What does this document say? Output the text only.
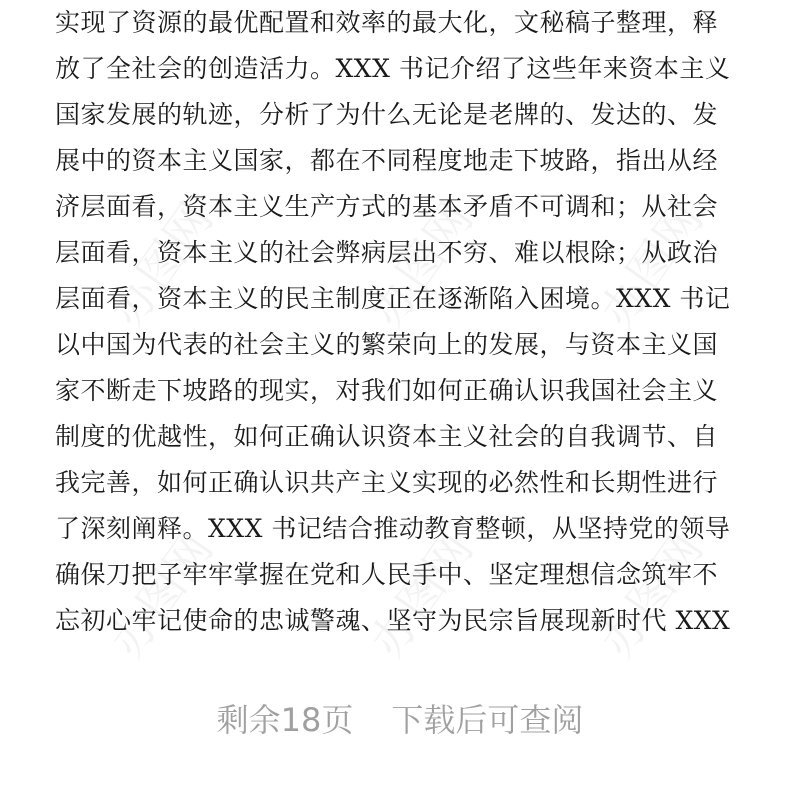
办图网	办图网 办图网
办图网	办图网 办图网
实现了资源的最优配置和效率的最大化，文秘稿子整理，释
放了全社会的创造活力。XXX 书记介绍了这些年来资本主义
国家发展的轨迹，分析了为什么无论是老牌的、发达的、发
展中的资本主义国家，都在不同程度地走下坡路，指出从经
济层面看，资本主义生产方式的基本矛盾不可调和；从社会
层面看，资本主义的社会弊病层出不穷、难以根除；从政治
层面看，资本主义的民主制度正在逐渐陷入困境。XXX 书记
以中国为代表的社会主义的繁荣向上的发展，与资本主义国
家不断走下坡路的现实，对我们如何正确认识我国社会主义
制度的优越性，如何正确认识资本主义社会的自我调节、自
我完善，如何正确认识共产主义实现的必然性和长期性进行
了深刻阐释。XXX 书记结合推动教育整顿，从坚持党的领导
确保刀把子牢牢掌握在党和人民手中、坚定理想信念筑牢不
忘初心牢记使命的忠诚警魂、坚守为民宗旨展现新时代 XXX
剩余18页 下载后可查阅
